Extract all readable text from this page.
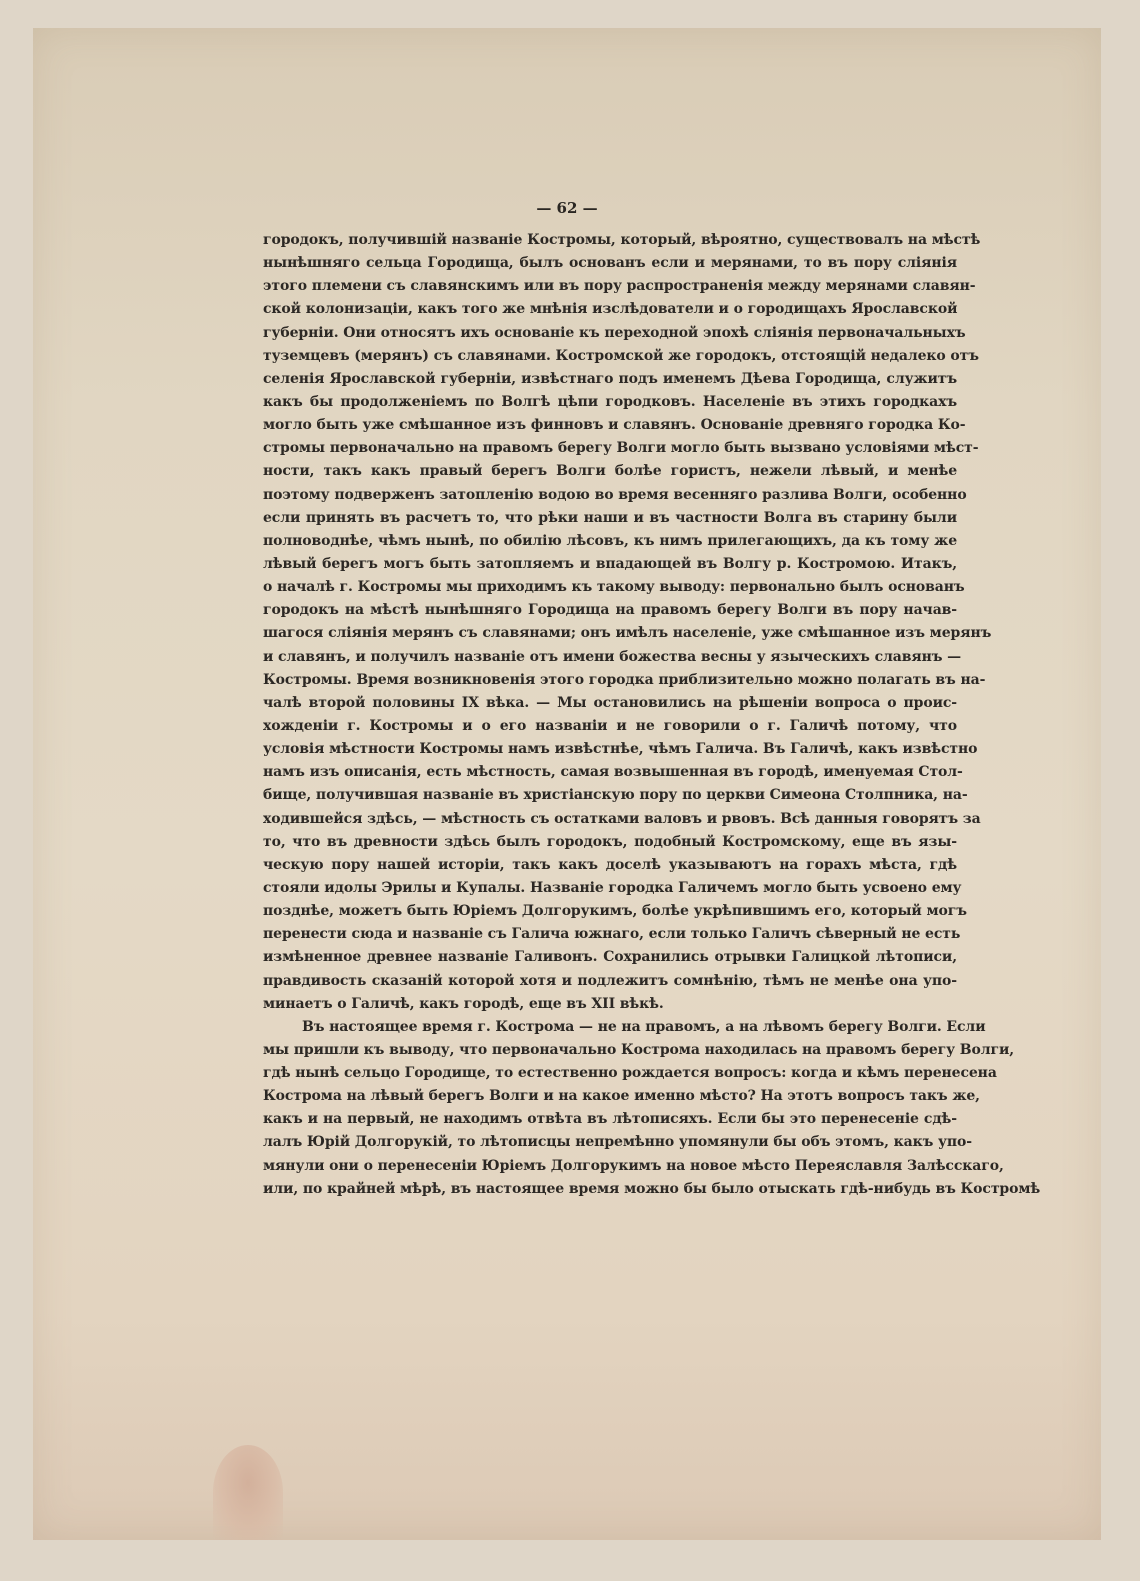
— 62 —
городокъ, получившій названіе Костромы, который, вѣроятно, существовалъ на мѣстѣ
нынѣшняго сельца Городища, былъ основанъ если и мерянами, то въ пору сліянія
этого племени съ славянскимъ или въ пору распространенія между мерянами славян-
ской колонизаціи, какъ того же мнѣнія изслѣдователи и о городищахъ Ярославской
губерніи. Они относятъ ихъ основаніе къ переходной эпохѣ сліянія первоначальныхъ
туземцевъ (мерянъ) съ славянами. Костромской же городокъ, отстоящій недалеко отъ
селенія Ярославской губерніи, извѣстнаго подъ именемъ Дѣева Городища, служитъ
какъ бы продолженіемъ по Волгѣ цѣпи городковъ. Населеніе въ этихъ городкахъ
могло быть уже смѣшанное изъ финновъ и славянъ. Основаніе древняго городка Ко-
стромы первоначально на правомъ берегу Волги могло быть вызвано условіями мѣст-
ности, такъ какъ правый берегъ Волги болѣе гористъ, нежели лѣвый, и менѣе
поэтому подверженъ затопленію водою во время весенняго разлива Волги, особенно
если принять въ расчетъ то, что рѣки наши и въ частности Волга въ старину были
полноводнѣе, чѣмъ нынѣ, по обилію лѣсовъ, къ нимъ прилегающихъ, да къ тому же
лѣвый берегъ могъ быть затопляемъ и впадающей въ Волгу р. Костромою. Итакъ,
о началѣ г. Костромы мы приходимъ къ такому выводу: первонально былъ основанъ
городокъ на мѣстѣ нынѣшняго Городища на правомъ берегу Волги въ пору начав-
шагося сліянія мерянъ съ славянами; онъ имѣлъ населеніе, уже смѣшанное изъ мерянъ
и славянъ, и получилъ названіе отъ имени божества весны у языческихъ славянъ —
Костромы. Время возникновенія этого городка приблизительно можно полагать въ на-
чалѣ второй половины IX вѣка. — Мы остановились на рѣшеніи вопроса о проис-
хожденіи г. Костромы и о его названіи и не говорили о г. Галичѣ потому, что
условія мѣстности Костромы намъ извѣстнѣе, чѣмъ Галича. Въ Галичѣ, какъ извѣстно
намъ изъ описанія, есть мѣстность, самая возвышенная въ городѣ, именуемая Стол-
бище, получившая названіе въ христіанскую пору по церкви Симеона Столпника, на-
ходившейся здѣсь, — мѣстность съ остатками валовъ и рвовъ. Всѣ данныя говорятъ за
то, что въ древности здѣсь былъ городокъ, подобный Костромскому, еще въ язы-
ческую пору нашей исторіи, такъ какъ доселѣ указываютъ на горахъ мѣста, гдѣ
стояли идолы Эрилы и Купалы. Названіе городка Галичемъ могло быть усвоено ему
позднѣе, можетъ быть Юріемъ Долгорукимъ, болѣе укрѣпившимъ его, который могъ
перенести сюда и названіе съ Галича южнаго, если только Галичъ сѣверный не есть
измѣненное древнее названіе Галивонъ. Сохранились отрывки Галицкой лѣтописи,
правдивость сказаній которой хотя и подлежитъ сомнѣнію, тѣмъ не менѣе она упо-
минаетъ о Галичѣ, какъ городѣ, еще въ XII вѣкѣ.
Въ настоящее время г. Кострома — не на правомъ, а на лѣвомъ берегу Волги. Если
мы пришли къ выводу, что первоначально Кострома находилась на правомъ берегу Волги,
гдѣ нынѣ сельцо Городище, то естественно рождается вопросъ: когда и кѣмъ перенесена
Кострома на лѣвый берегъ Волги и на какое именно мѣсто? На этотъ вопросъ такъ же,
какъ и на первый, не находимъ отвѣта въ лѣтописяхъ. Если бы это перенесеніе сдѣ-
лалъ Юрій Долгорукій, то лѣтописцы непремѣнно упомянули бы объ этомъ, какъ упо-
мянули они о перенесеніи Юріемъ Долгорукимъ на новое мѣсто Переяславля Залѣсскаго,
или, по крайней мѣрѣ, въ настоящее время можно бы было отыскать гдѣ-нибудь въ Костромѣ
